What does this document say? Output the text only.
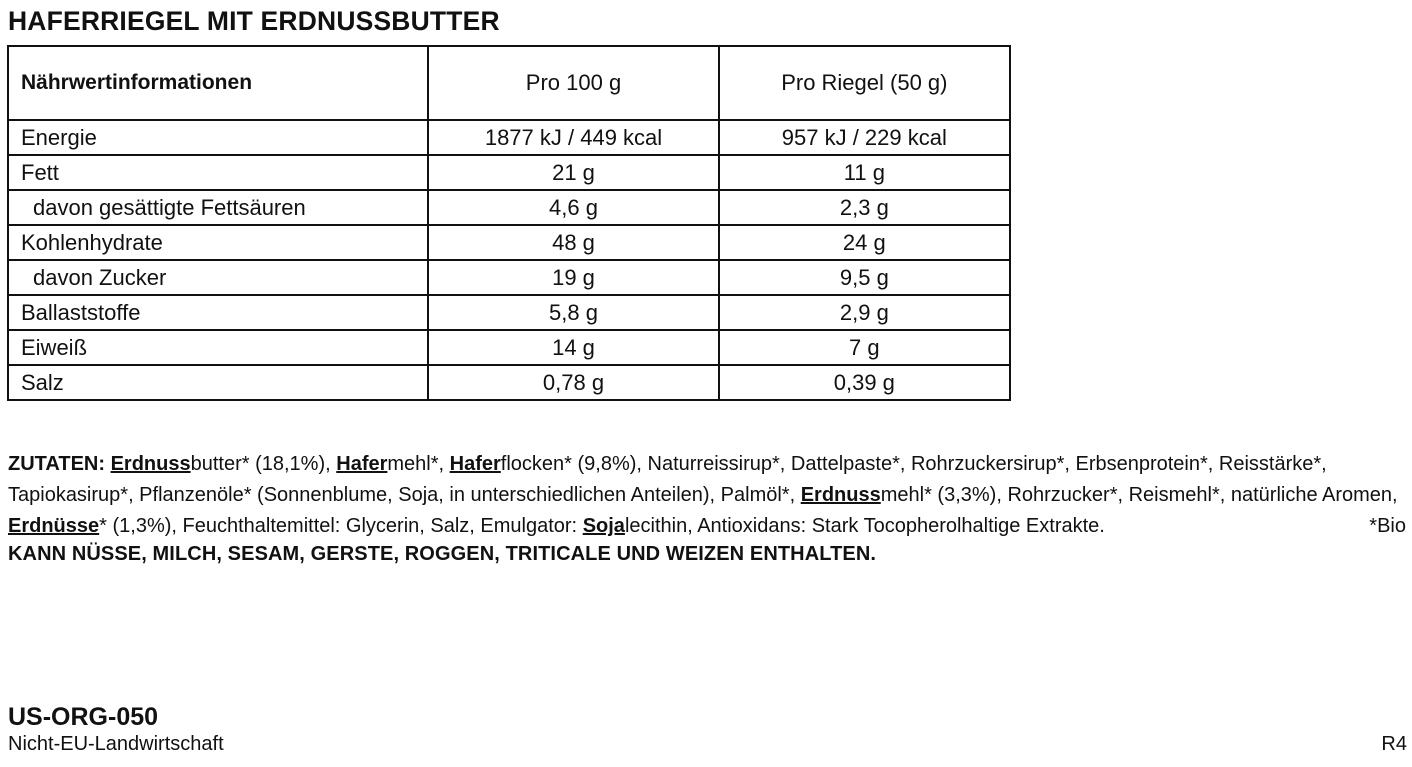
HAFERRIEGEL MIT ERDNUSSBUTTER
Nährwertinformationen	Pro 100 g	Pro Riegel (50 g)
Energie	1877 kJ / 449 kcal	957 kJ / 229 kcal
Fett	21 g	11 g
davon gesättigte Fettsäuren	4,6 g	2,3 g
Kohlenhydrate	48 g	24 g
davon Zucker	19 g	9,5 g
Ballaststoffe	5,8 g	2,9 g
Eiweiß	14 g	7 g
Salz	0,78 g	0,39 g

ZUTATEN: Erdnussbutter* (18,1%), Hafermehl*, Haferflocken* (9,8%), Naturreissirup*, Dattelpaste*, Rohrzuckersirup*, Erbsenprotein*, Reisstärke*, Tapiokasirup*, Pflanzenöle* (Sonnenblume, Soja, in unterschiedlichen Anteilen), Palmöl*, Erdnussmehl* (3,3%), Rohrzucker*, Reismehl*, natürliche Aromen, Erdnüsse* (1,3%), Feuchthaltemittel: Glycerin, Salz, Emulgator: Sojalecithin, Antioxidans: Stark Tocopherolhaltige Extrakte.	*Bio

KANN NÜSSE, MILCH, SESAM, GERSTE, ROGGEN, TRITICALE UND WEIZEN ENTHALTEN.
US-ORG-050
Nicht-EU-Landwirtschaft	R4
